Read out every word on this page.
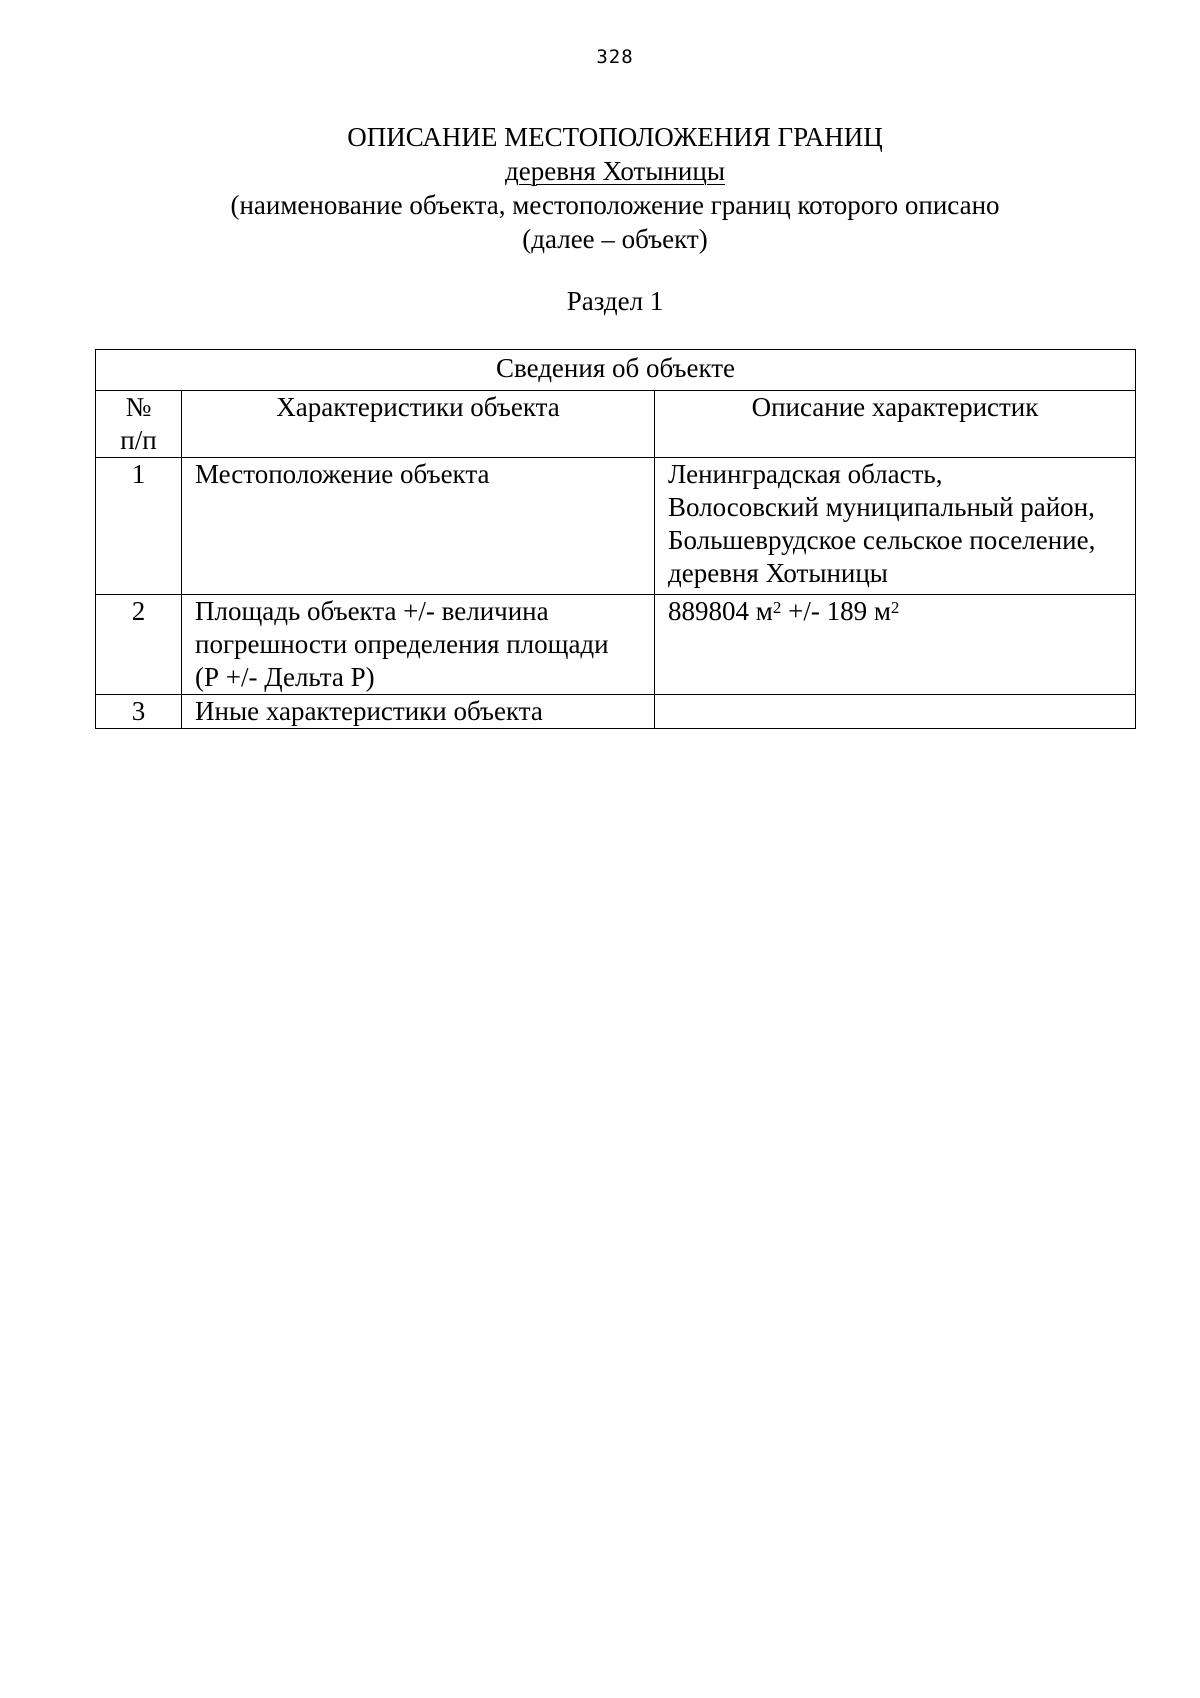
328
ОПИСАНИЕ МЕСТОПОЛОЖЕНИЯ ГРАНИЦ
деревня Хотыницы
(наименование объекта, местоположение границ которого описано
(далее – объект)
Раздел 1
Сведения об объекте		
№
п/п	Характеристики объекта	Описание характеристик
1	Местоположение объекта	Ленинградская область,
Волосовский муниципальный район,
Большеврудское сельское поселение,
деревня Хотыницы
2	Площадь объекта +/- величина
погрешности определения площади
(Р +/- Дельта Р)	889804 $м^2$ +/- 189 $м^2$
3	Иные характеристики объекта	
